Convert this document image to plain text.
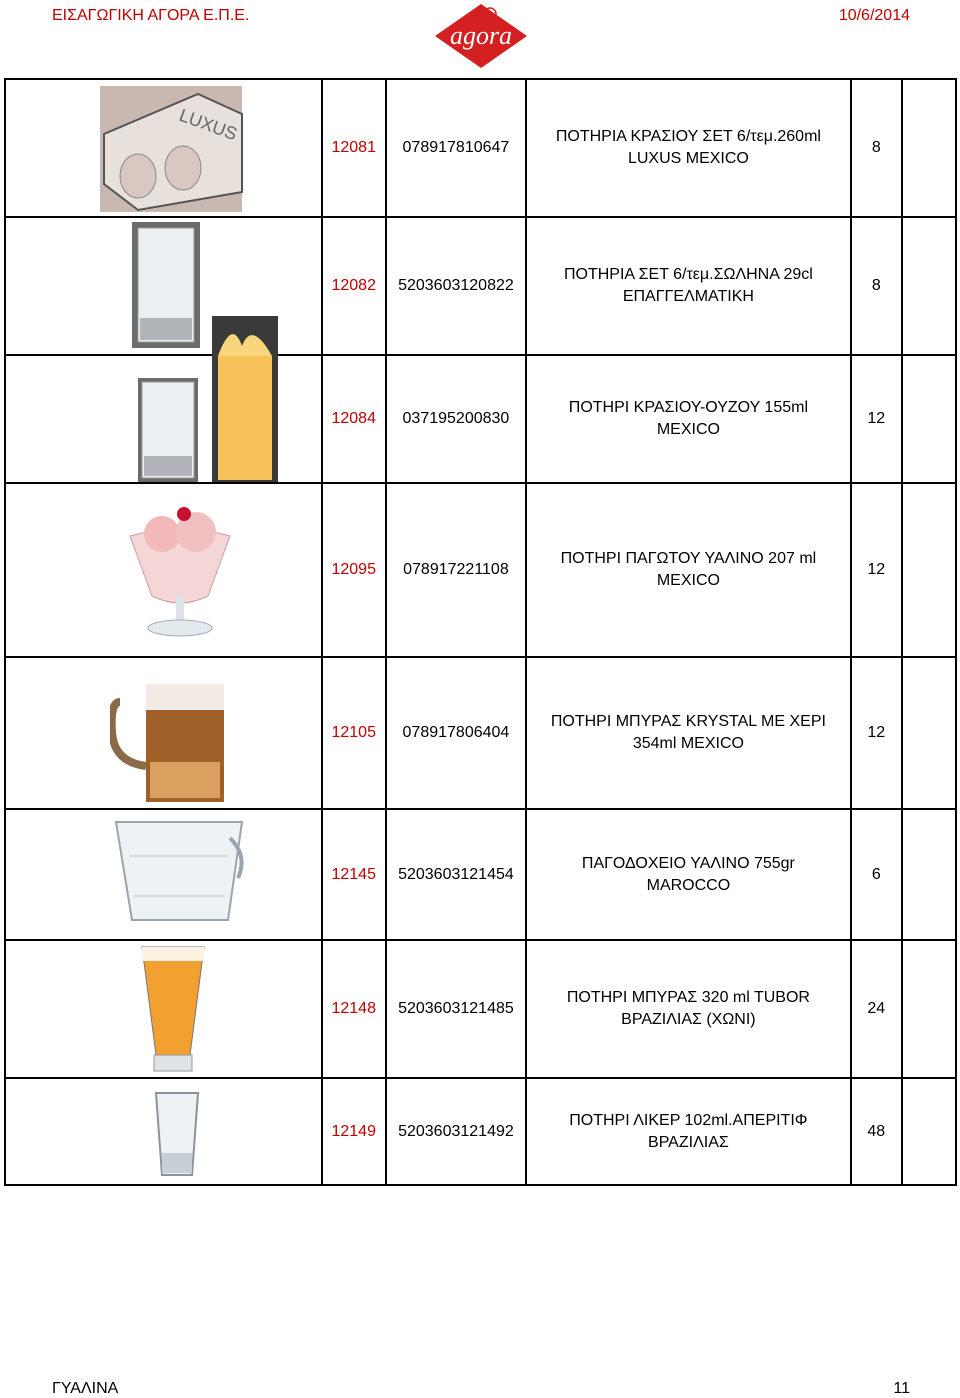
ΕΙΣΑΓΩΓΙΚΗ ΑΓΟΡΑ Ε.Π.Ε.
agora
10/6/2014
LUXUS	12081	078917810647	ΠΟΤΗΡΙΑ ΚΡΑΣΙΟΥ ΣΕΤ 6/τεμ.260ml
LUXUS MEXICO	8	

	12082	5203603120822	ΠΟΤΗΡΙΑ ΣΕΤ 6/τεμ.ΣΩΛΗΝΑ 29cl
ΕΠΑΓΓΕΛΜΑΤΙΚΗ	8	

	12084	037195200830	ΠΟΤΗΡΙ ΚΡΑΣΙΟΥ-ΟΥΖΟΥ 155ml
MEXICO	12	

	12095	078917221108	ΠΟΤΗΡΙ ΠΑΓΩΤΟΥ ΥΑΛΙΝΟ 207 ml
MEXICO	12	

	12105	078917806404	ΠΟΤΗΡΙ ΜΠΥΡΑΣ KRYSTAL ΜΕ ΧΕΡΙ
354ml MEXICO	12	

	12145	5203603121454	ΠΑΓΟΔΟΧΕΙΟ ΥΑΛΙΝΟ 755gr
MAROCCO	6	

	12148	5203603121485	ΠΟΤΗΡΙ ΜΠΥΡΑΣ 320 ml TUBOR
ΒΡΑΖΙΛΙΑΣ (ΧΩΝΙ)	24	

	12149	5203603121492	ΠΟΤΗΡΙ ΛΙΚΕΡ 102ml.ΑΠΕΡΙΤΙΦ
ΒΡΑΖΙΛΙΑΣ	48	
ΓΥΑΛΙΝΑ	11
